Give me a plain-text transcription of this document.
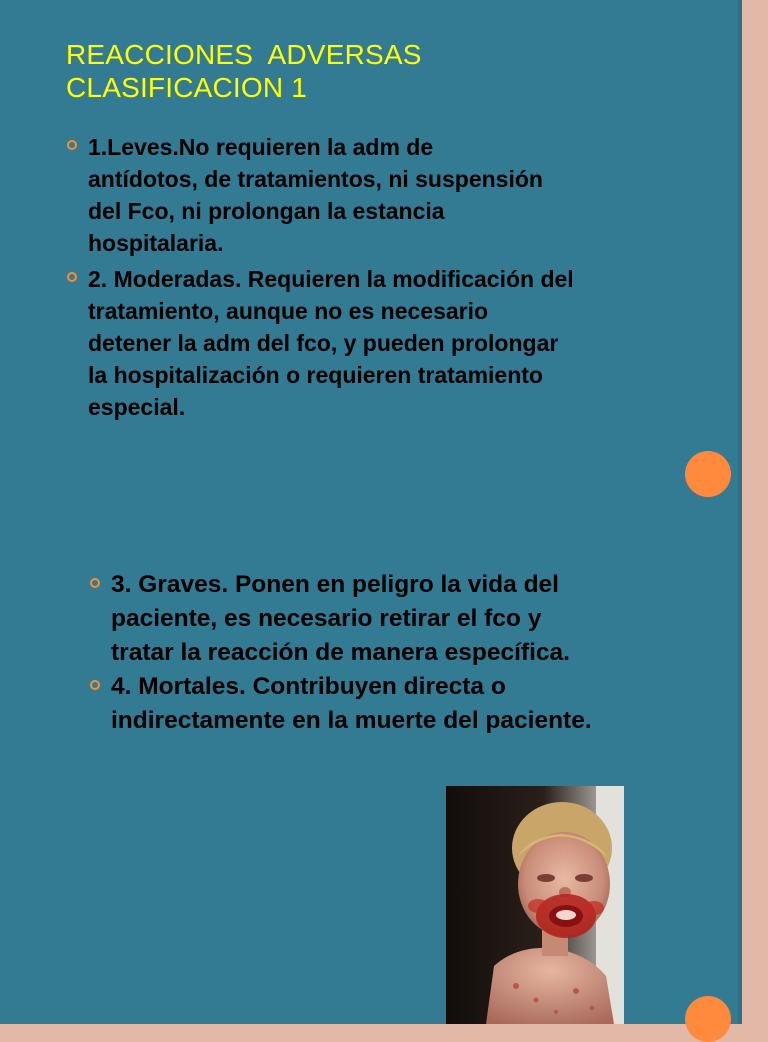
REACCIONES  ADVERSAS
CLASIFICACION 1
1.Leves.No requieren la adm de
antídotos, de tratamientos, ni suspensión
del Fco, ni prolongan la estancia
hospitalaria.
2. Moderadas. Requieren la modificación del
tratamiento, aunque no es necesario
detener la adm del fco, y pueden prolongar
la hospitalización o requieren tratamiento
especial.
3. Graves. Ponen en peligro la vida del
paciente, es necesario retirar el fco y
tratar la reacción de manera específica.
4. Mortales. Contribuyen directa o
indirectamente en la muerte del paciente.
